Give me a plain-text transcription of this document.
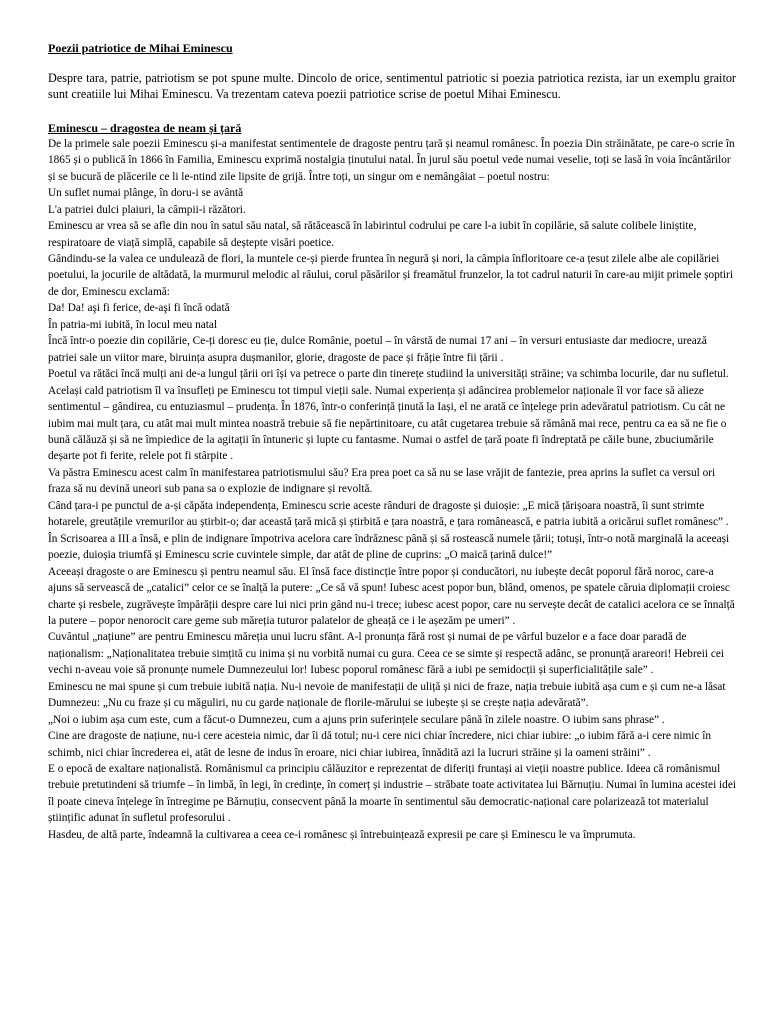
Poezii patriotice de Mihai Eminescu

Despre tara, patrie, patriotism se pot spune multe. Dincolo de orice, sentimentul patriotic si poezia patriotica rezista, iar un exemplu graitor sunt creatiile lui Mihai Eminescu. Va trezentam cateva poezii patriotice scrise de poetul Mihai Eminescu.

Eminescu – dragostea de neam și țară

De la primele sale poezii Eminescu și-a manifestat sentimentele de dragoste pentru țară și neamul românesc. În poezia Din străinătate, pe care-o scrie în 1865 și o publică în 1866 în Familia, Eminescu exprimă nostalgia ținutului natal. În jurul său poetul vede numai veselie, toți se lasă în voia încântărilor și se bucură de plăcerile ce li le-ntind zile lipsite de grijă. Între toți, un singur om e nemângâiat – poetul nostru:

Un suflet numai plânge, în doru-i se avântă

L'a patriei dulci plaiuri, la câmpii-i răzători.

Eminescu ar vrea să se afle din nou în satul său natal, să rătăcească în labirintul codrului pe care l-a iubit în copilărie, să salute colibele liniștite, respiratoare de viață simplă, capabile să deștepte visări poetice.

Gândindu-se la valea ce unduleazã de flori, la muntele ce-și pierde fruntea în negură și nori, la câmpia înfloritoare ce-a țesut zilele albe ale copilăriei poetului, la jocurile de altădată, la murmurul melodic al râului, corul păsărilor și freamătul frunzelor, la tot cadrul naturii în care-au mijit primele șoptiri de dor, Eminescu exclamă:

Da! Da! aşi fi ferice, de-aşi fi încă odată

În patria-mi iubită, în locul meu natal

Încă într-o poezie din copilărie, Ce-ți doresc eu ție, dulce Românie, poetul – în vârstă de numai 17 ani – în versuri entusiaste dar mediocre, urează patriei sale un viitor mare, biruința asupra dușmanilor, glorie, dragoste de pace și frăție între fii țării .

Poetul va rătăci încă mulți ani de-a lungul țării ori își va petrece o parte din tinerețe studiind la universități străine; va schimba locurile, dar nu sufletul. Același cald patriotism îl va însufleți pe Eminescu tot timpul vieții sale. Numai experiența și adâncirea problemelor naționale îl vor face să alieze sentimentul – gândirea, cu entuziasmul – prudența. În 1876, într-o conferință ținută la Iași, el ne arată ce înțelege prin adevăratul patriotism. Cu cât ne iubim mai mult țara, cu atât mai mult mintea noastră trebuie să fie nepărtinitoare, cu atât cugetarea trebuie să rămână mai rece, pentru ca ea să ne fie o bună călăuză și să ne împiedice de la agitații în întuneric și lupte cu fantasme. Numai o astfel de țară poate fi îndreptată pe căile bune, zbuciumările deșarte pot fi ferite, relele pot fi stârpite .

Va păstra Eminescu acest calm în manifestarea patriotismului său? Era prea poet ca să nu se lase vrăjit de fantezie, prea aprins la suflet ca versul ori fraza să nu devină uneori sub pana sa o explozie de indignare și revoltă.

Când țara-i pe punctul de a-și căpăta independența, Eminescu scrie aceste rânduri de dragoste și duioșie: „E mică țărișoara noastră, îi sunt strimte hotarele, greutățile vremurilor au știrbit-o; dar această țară mică și știrbită e țara noastră, e țara românească, e patria iubită a oricărui suflet românesc” .

În Scrisoarea a III a însă, e plin de indignare împotriva acelora care îndrăznesc până și să rostească numele țării; totuși, într-o notă marginală la aceeași poezie, duioșia triumfă și Eminescu scrie cuvintele simple, dar atât de pline de cuprins: „O maică țarină dulce!”

Aceeași dragoste o are Eminescu și pentru neamul său. El însă face distincție între popor și conducători, nu iubește decât poporul fără noroc, care-a ajuns să servească de „catalici” celor ce se înalță la putere: „Ce să vă spun! Iubesc acest popor bun, blând, omenos, pe spatele căruia diplomații croiesc charte și resbele, zugrăvește împărății despre care lui nici prin gând nu-i trece; iubesc acest popor, care nu servește decât de catalici acelora ce se înnalță la putere – popor nenorocit care geme sub măreția tuturor palatelor de gheață ce i le așezăm pe umeri” .

Cuvântul „națiune” are pentru Eminescu măreția unui lucru sfânt. A-l pronunța fără rost și numai de pe vârful buzelor e a face doar paradă de naționalism: „Naționalitatea trebuie simțită cu inima și nu vorbită numai cu gura. Ceea ce se simte și respectă adânc, se pronunță arareori! Hebreii cei vechi n-aveau voie să pronunțe numele Dumnezeului lor! Iubesc poporul românesc fără a iubi pe semidocții și superficialitățile sale” .

Eminescu ne mai spune și cum trebuie iubită nația. Nu-i nevoie de manifestații de uliță și nici de fraze, nația trebuie iubită așa cum e și cum ne-a lăsat Dumnezeu: „Nu cu fraze și cu măguliri, nu cu garde naționale de florile-mărului se iubește și se crește nația adevărată”.

„Noi o iubim așa cum este, cum a făcut-o Dumnezeu, cum a ajuns prin suferințele seculare până în zilele noastre. O iubim sans phrase” .

Cine are dragoste de națiune, nu-i cere acesteia nimic, dar îi dă totul; nu-i cere nici chiar încredere, nici chiar iubire: „o iubim fără a-i cere nimic în schimb, nici chiar încrederea ei, atât de lesne de indus în eroare, nici chiar iubirea, înnădită azi la lucruri străine și la oameni străini” .

E o epocă de exaltare naționalistă. Românismul ca principiu călăuzitor e reprezentat de diferiți fruntași ai vieții noastre publice. Ideea că românismul trebuie pretutindeni să triumfe – în limbă, în legi, în credințe, în comerț și industrie – străbate toate activitatea lui Bărnuțiu. Numai în lumina acestei idei îl poate cineva înțelege în întregime pe Bărnuțiu, consecvent până la moarte în sentimentul său democratic-național care polarizează tot materialul științific adunat în sufletul profesorului .

Hasdeu, de altă parte, îndeamnă la cultivarea a ceea ce-i românesc și întrebuințează expresii pe care și Eminescu le va împrumuta.
